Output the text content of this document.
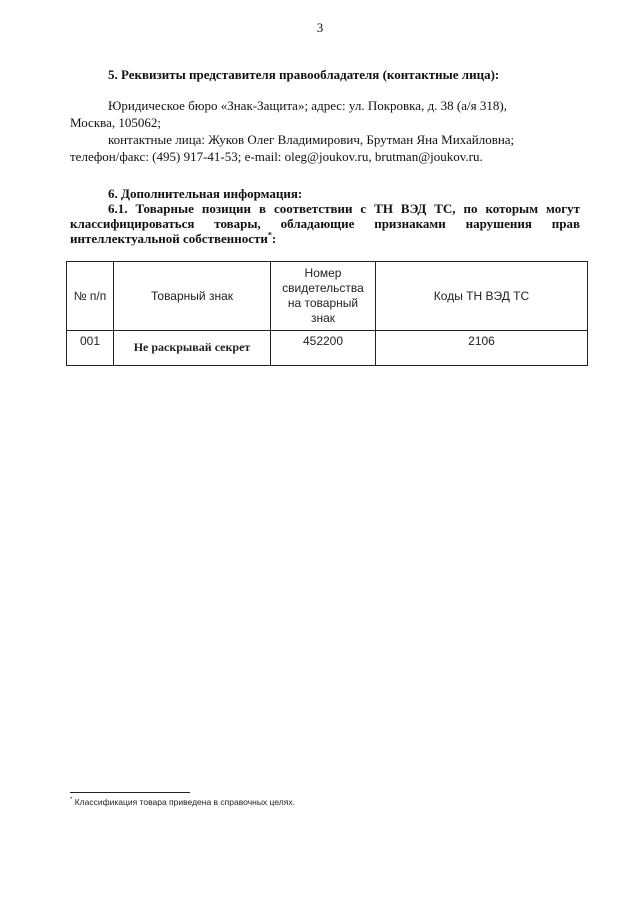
3
5. Реквизиты представителя правообладателя (контактные лица):

Юридическое бюро «Знак-Защита»; адрес: ул. Покровка, д. 38 (а/я 318),

Москва, 105062;

контактные лица: Жуков Олег Владимирович, Брутман Яна Михайловна;

телефон/факс: (495) 917-41-53; e-mail: oleg@joukov.ru, brutman@joukov.ru.

6. Дополнительная информация:
6.1. Товарные позиции в соответствии с ТН ВЭД ТС, по которым могут классифицироваться товары, обладающие признаками нарушения прав интеллектуальной собственности*:
№ п/п	Товарный знак	Номер свидетельства на товарный знак	Коды ТН ВЭД ТС
001	Не раскрывай секрет	452200	2106
* Классификация товара приведена в справочных целях.
